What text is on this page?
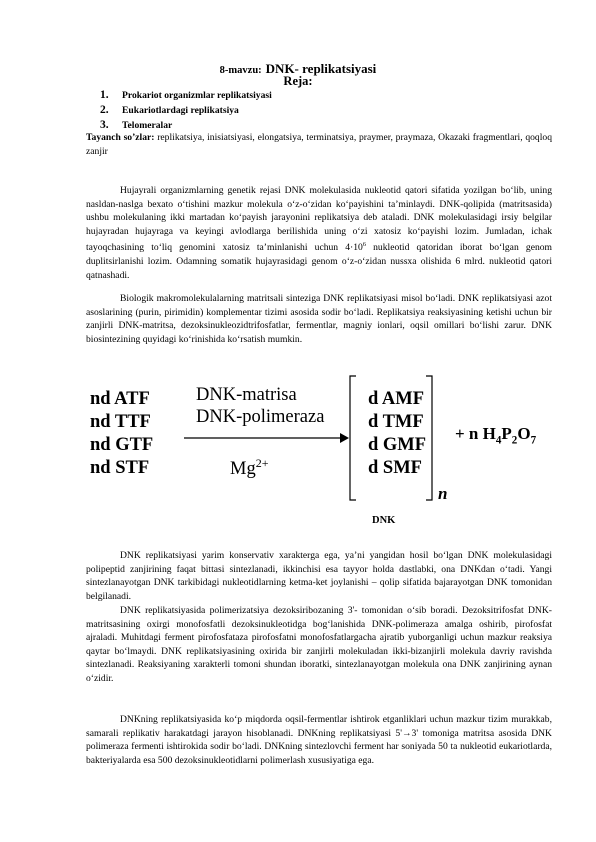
8-mavzu: DNK- replikatsiyasi
Reja:
1. Prokariot organizmlar replikatsiyasi
2. Eukariotlardagi replikatsiya
3. Telomeralar
Tayanch so’zlar: replikatsiya, inisiatsiyasi, elongatsiya, terminatsiya, praymer, praymaza, Okazaki fragmentlari, qoqloq zanjir

Hujayrali organizmlarning genetik rejasi DNK molekulasida nukleotid qatori sifatida yozilgan bo‘lib, uning nasldan-naslga bexato o‘tishini mazkur molekula o‘z-o‘zidan ko‘payishini ta’minlaydi. DNK-qolipida (matritsasida) ushbu molekulaning ikki martadan ko‘payish jarayonini replikatsiya deb ataladi. DNK molekulasidagi irsiy belgilar hujayradan hujayraga va keyingi avlodlarga berilishida uning o‘zi xatosiz ko‘payishi lozim. Jumladan, ichak tayoqchasining to‘liq genomini xatosiz ta’minlanishi uchun $4\cdot 10^6$ nukleotid qatoridan iborat bo‘lgan genom duplitsirlanishi lozim. Odamning somatik hujayrasidagi genom o‘z-o‘zidan nussxa olishida 6 mlrd. nukleotid qatori qatnashadi.

Biologik makromolekulalarning matritsali sinteziga DNK replikatsiyasi misol bo‘ladi. DNK replikatsiyasi azot asoslarining (purin, pirimidin) komplementar tizimi asosida sodir bo‘ladi. Replikatsiya reaksiyasining ketishi uchun bir zanjirli DNK-matritsa, dezoksinukleozidtrifosfatlar, fermentlar, magniy ionlari, oqsil omillari bo‘lishi zarur. DNK biosintezining quyidagi ko‘rinishida ko‘rsatish mumkin.

nd ATF
nd TTF
nd GTF
nd STF
DNK-matrisa
DNK-polimeraza
$Mg^{2+}$
d AMF
d TMF
d GMF
d SMF
n
+ n $H_4P_2O_7$
DNK

DNK replikatsiyasi yarim konservativ xarakterga ega, ya’ni yangidan hosil bo‘lgan DNK molekulasidagi polipeptid zanjirining faqat bittasi sintezlanadi, ikkinchisi esa tayyor holda dastlabki, ona DNKdan o‘tadi. Yangi sintezlanayotgan DNK tarkibidagi nukleotidlarning ketma-ket joylanishi – qolip sifatida bajarayotgan DNK tomonidan belgilanadi.

DNK replikatsiyasida polimerizatsiya dezoksiribozaning 3'- tomonidan o‘sib boradi. Dezoksitrifosfat DNK-matritsasining oxirgi monofosfatli dezoksinukleotidga bog‘lanishida DNK-polimeraza amalga oshirib, pirofosfat ajraladi. Muhitdagi ferment pirofosfataza pirofosfatni monofosfatlargacha ajratib yuborganligi uchun mazkur reaksiya qaytar bo‘lmaydi. DNK replikatsiyasining oxirida bir zanjirli molekuladan ikki-bizanjirli molekula davriy ravishda sintezlanadi. Reaksiyaning xarakterli tomoni shundan iboratki, sintezlanayotgan molekula ona DNK zanjirining aynan o‘zidir.

DNKning replikatsiyasida ko‘p miqdorda oqsil-fermentlar ishtirok etganliklari uchun mazkur tizim murakkab, samarali replikativ harakatdagi jarayon hisoblanadi. DNKning replikatsiyasi 5'→3' tomoniga matritsa asosida DNK polimeraza fermenti ishtirokida sodir bo‘ladi. DNKning sintezlovchi ferment har soniyada 50 ta nukleotid eukariotlarda, bakteriyalarda esa 500 dezoksinukleotidlarni polimerlash xususiyatiga ega.
